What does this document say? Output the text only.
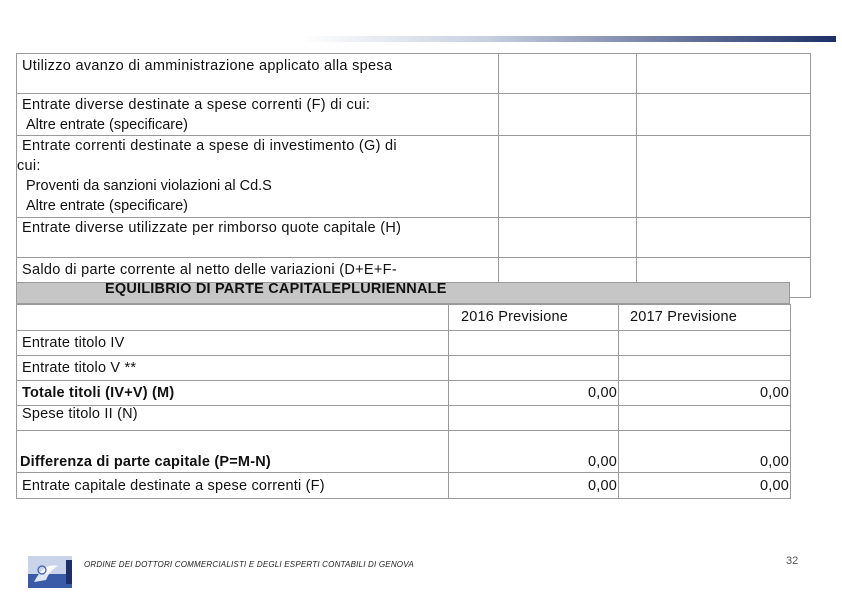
Utilizzo avanzo di amministrazione applicato alla spesa		

Entrate diverse destinate a spese correnti (F) di cui:
Altre entrate (specificare)		

Entrate correnti destinate a spese di investimento (G) di
cui:
Proventi da sanzioni violazioni al Cd.S
Altre entrate (specificare)		

Entrate diverse utilizzate per rimborso quote capitale (H)		

Saldo di parte corrente al netto delle variazioni (D+E+F-		

EQUILIBRIO DI PARTE CAPITALEPLURIENNALE
	2016 Previsione	2017 Previsione
Entrate titolo IV		
Entrate titolo V **		
Totale titoli (IV+V) (M)	0,00	0,00
Spese titolo II (N)		
Differenza di parte capitale (P=M-N)	0,00	0,00
Entrate capitale destinate a spese correnti (F)	0,00	0,00
ORDINE DEI DOTTORI COMMERCIALISTI E DEGLI ESPERTI CONTABILI DI GENOVA	32
